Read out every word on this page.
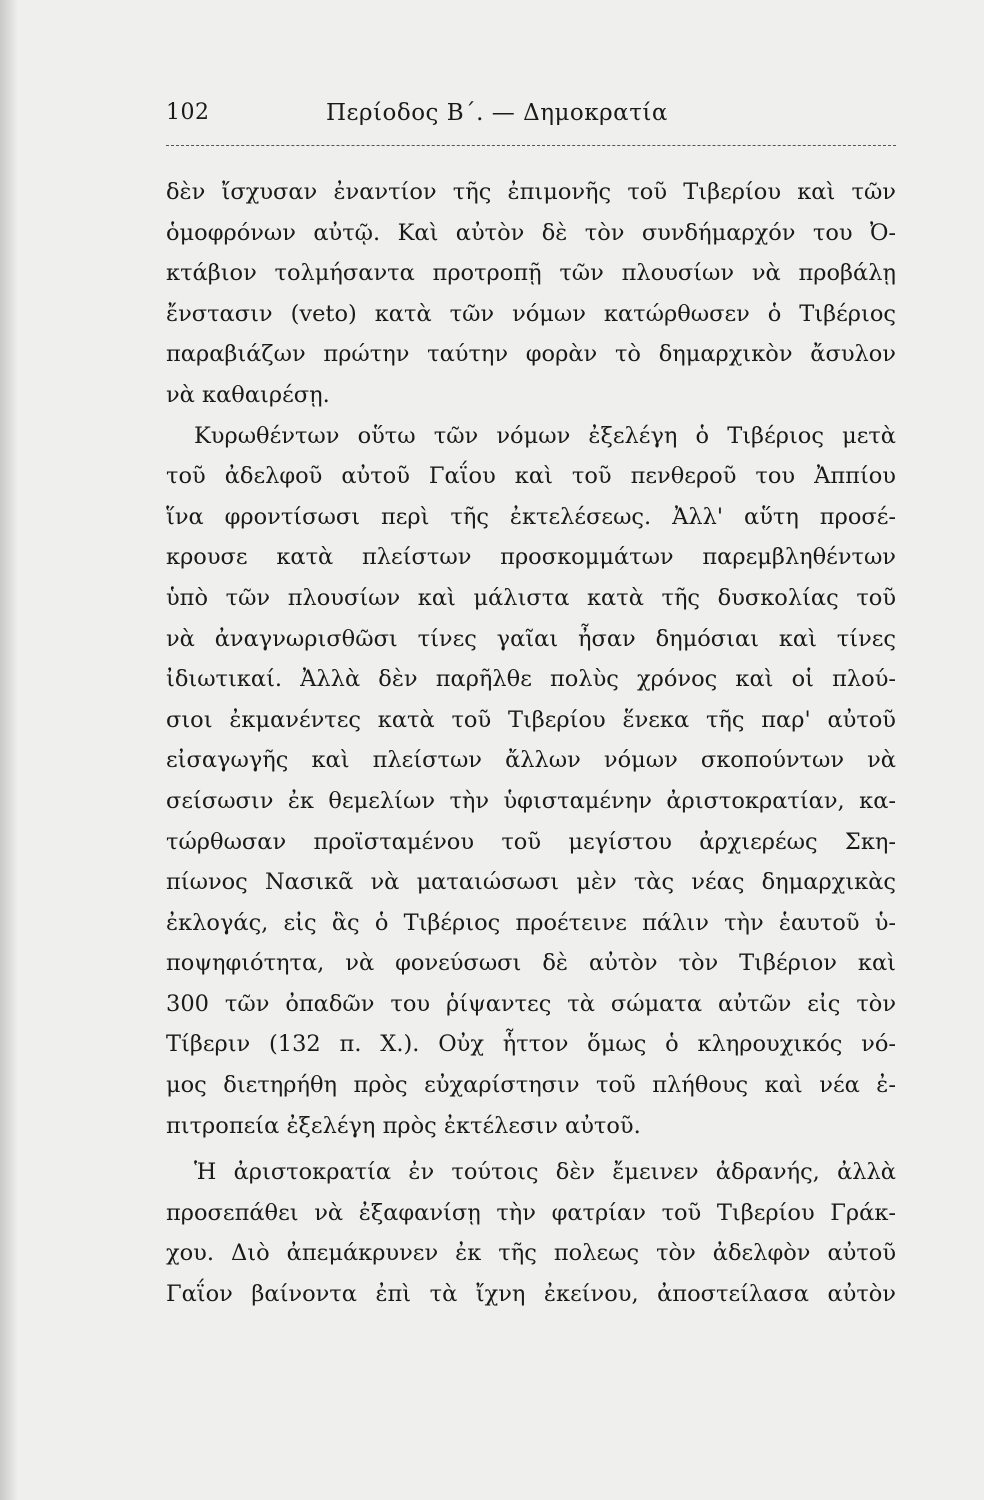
102	Περίοδος Β΄. — Δημοκρατία
δὲν ἴσχυσαν ἐναντίον τῆς ἐπιμονῆς τοῦ Τιβερίου καὶ τῶν
ὁμοφρόνων αὐτῷ. Καὶ αὐτὸν δὲ τὸν συνδήμαρχόν του Ὀ-
κτάβιον τολμήσαντα προτροπῇ τῶν πλουσίων νὰ προβάλῃ
ἔνστασιν (veto) κατὰ τῶν νόμων κατώρθωσεν ὁ Τιβέριος
παραβιάζων πρώτην ταύτην φορὰν τὸ δημαρχικὸν ἄσυλον
νὰ καθαιρέσῃ.
Κυρωθέντων οὕτω τῶν νόμων ἐξελέγη ὁ Τιβέριος μετὰ
τοῦ ἀδελφοῦ αὐτοῦ Γαΐου καὶ τοῦ πενθεροῦ του Ἀππίου
ἵνα φροντίσωσι περὶ τῆς ἐκτελέσεως. Ἀλλ' αὕτη προσέ-
κρουσε κατὰ πλείστων προσκομμάτων παρεμβληθέντων
ὑπὸ τῶν πλουσίων καὶ μάλιστα κατὰ τῆς δυσκολίας τοῦ
νὰ ἀναγνωρισθῶσι τίνες γαῖαι ἦσαν δημόσιαι καὶ τίνες
ἰδιωτικαί. Ἀλλὰ δὲν παρῆλθε πολὺς χρόνος καὶ οἱ πλού-
σιοι ἐκμανέντες κατὰ τοῦ Τιβερίου ἕνεκα τῆς παρ' αὐτοῦ
εἰσαγωγῆς καὶ πλείστων ἄλλων νόμων σκοπούντων νὰ
σείσωσιν ἐκ θεμελίων τὴν ὑφισταμένην ἀριστοκρατίαν, κα-
τώρθωσαν προϊσταμένου τοῦ μεγίστου ἀρχιερέως Σκη-
πίωνος Νασικᾶ νὰ ματαιώσωσι μὲν τὰς νέας δημαρχικὰς
ἐκλογάς, εἰς ἃς ὁ Τιβέριος προέτεινε πάλιν τὴν ἑαυτοῦ ὑ-
ποψηφιότητα, νὰ φονεύσωσι δὲ αὐτὸν τὸν Τιβέριον καὶ
300 τῶν ὀπαδῶν του ῥίψαντες τὰ σώματα αὐτῶν εἰς τὸν
Τίβεριν (132 π. Χ.). Οὐχ ἧττον ὅμως ὁ κληρουχικός νό-
μος διετηρήθη πρὸς εὐχαρίστησιν τοῦ πλήθους καὶ νέα ἐ-
πιτροπεία ἐξελέγη πρὸς ἐκτέλεσιν αὐτοῦ.
Ἡ ἀριστοκρατία ἐν τούτοις δὲν ἔμεινεν ἀδρανής, ἀλλὰ
προσεπάθει νὰ ἐξαφανίσῃ τὴν φατρίαν τοῦ Τιβερίου Γράκ-
χου. Διὸ ἀπεμάκρυνεν ἐκ τῆς πολεως τὸν ἀδελφὸν αὐτοῦ
Γαΐον βαίνοντα ἐπὶ τὰ ἴχνη ἐκείνου, ἀποστείλασα αὐτὸν
